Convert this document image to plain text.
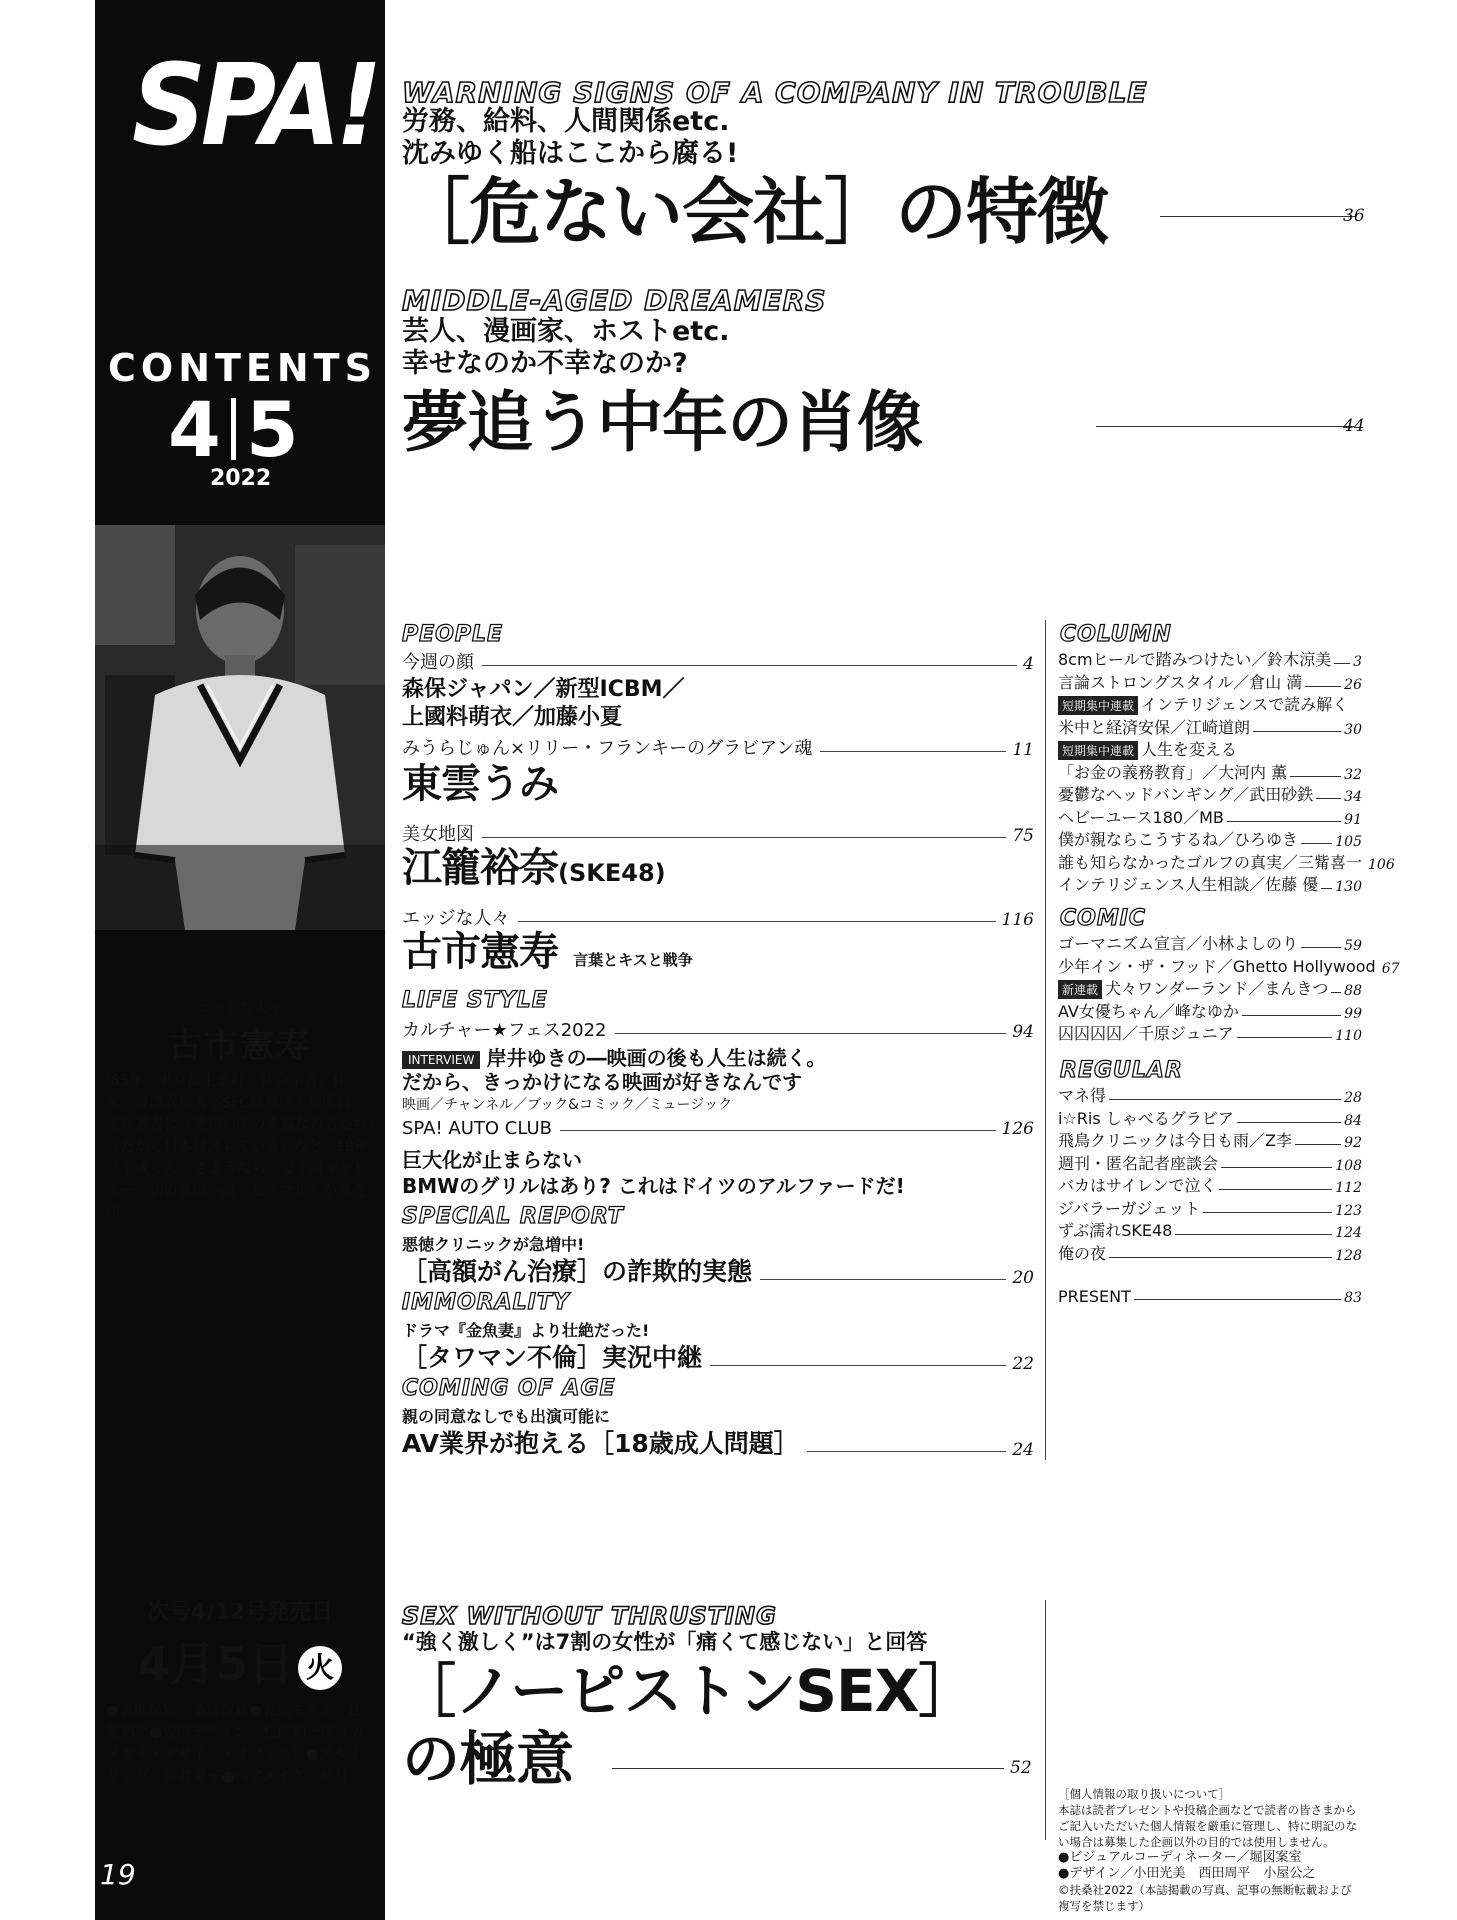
SPA!
CONTENTS
4 5
2022
エッジな人々
古市憲寿
’85年、東京都生まれ。社会学者、作家。慶應義塾大学SFC研究所上席所員。主な著書に『絶望の国の幸福な若者たち』『だから日本はズレている』など。’18年『平成くん、さようなら』で小説家デビュー。初の長編小説『ヒノマル』が発売中
次号4/12号発売日
4月5日 火
●表紙撮影／桑島智輝●表紙モデル／江籠裕奈●表紙デザイン／松沢順一郎（カメガイ・デザイン・オフィス）●スタイリング／筒井葉子●ヘアメイク／夢月
19
WARNING SIGNS OF A COMPANY IN TROUBLE
労務、給料、人間関係etc.
沈みゆく船はここから腐る!
［危ない会社］の特徴	36
MIDDLE-AGED DREAMERS
芸人、漫画家、ホストetc.
幸せなのか不幸なのか?
夢追う中年の肖像	44
PEOPLE
今週の顔	4
森保ジャパン／新型ICBM／
上國料萌衣／加藤小夏
みうらじゅん×リリー・フランキーのグラビアン魂	11
東雲うみ
美女地図	75
江籠裕奈(SKE48)
エッジな人々	116
古市憲寿 言葉とキスと戦争
LIFE STYLE
カルチャー★フェス2022	94
INTERVIEW 岸井ゆきの―映画の後も人生は続く。
だから、きっかけになる映画が好きなんです
映画／チャンネル／ブック&コミック／ミュージック
SPA! AUTO CLUB	126
巨大化が止まらない
BMWのグリルはあり? これはドイツのアルファードだ!
SPECIAL REPORT
悪徳クリニックが急増中!
［高額がん治療］の詐欺的実態	20
IMMORALITY
ドラマ『金魚妻』より壮絶だった!
［タワマン不倫］実況中継	22
COMING OF AGE
親の同意なしでも出演可能に
AV業界が抱える［18歳成人問題］	24
COLUMN
8cmヒールで踏みつけたい／鈴木涼美 3
言論ストロングスタイル／倉山 満	26
短期集中連載 インテリジェンスで読み解く
米中と経済安保／江崎道朗	30
短期集中連載 人生を変える
「お金の義務教育」／大河内 薫	32
憂鬱なヘッドバンギング／武田砂鉄 34
ヘビーユース180／MB	91
僕が親ならこうするね／ひろゆき	105
誰も知らなかったゴルフの真実／三觜喜一 106
インテリジェンス人生相談／佐藤 優 130
COMIC
ゴーマニズム宣言／小林よしのり	59
少年イン・ザ・フッド／Ghetto Hollywood 67
新連載 犬々ワンダーランド／まんきつ 88
AV女優ちゃん／峰なゆか	99
囚囚囚囚／千原ジュニア	110
REGULAR
マネ得	28
i☆Ris しゃべるグラビア	84
飛鳥クリニックは今日も雨／Z李	92
週刊・匿名記者座談会	108
バカはサイレンで泣く	112
ジバラーガジェット	123
ずぶ濡れSKE48	124
俺の夜	128
PRESENT	83
SEX WITHOUT THRUSTING
“強く激しく”は7割の女性が「痛くて感じない」と回答
［ノーピストンSEX］
の極意	52
［個人情報の取り扱いについて］
本誌は読者プレゼントや投稿企画などで読者の皆さまからご記入いただいた個人情報を厳重に管理し、特に明記のない場合は募集した企画以外の目的では使用しません。
●ビジュアルコーディネーター／堀図案室
●デザイン／小田光美　西田周平　小屋公之
©扶桑社2022（本誌掲載の写真、記事の無断転載および複写を禁じます）
